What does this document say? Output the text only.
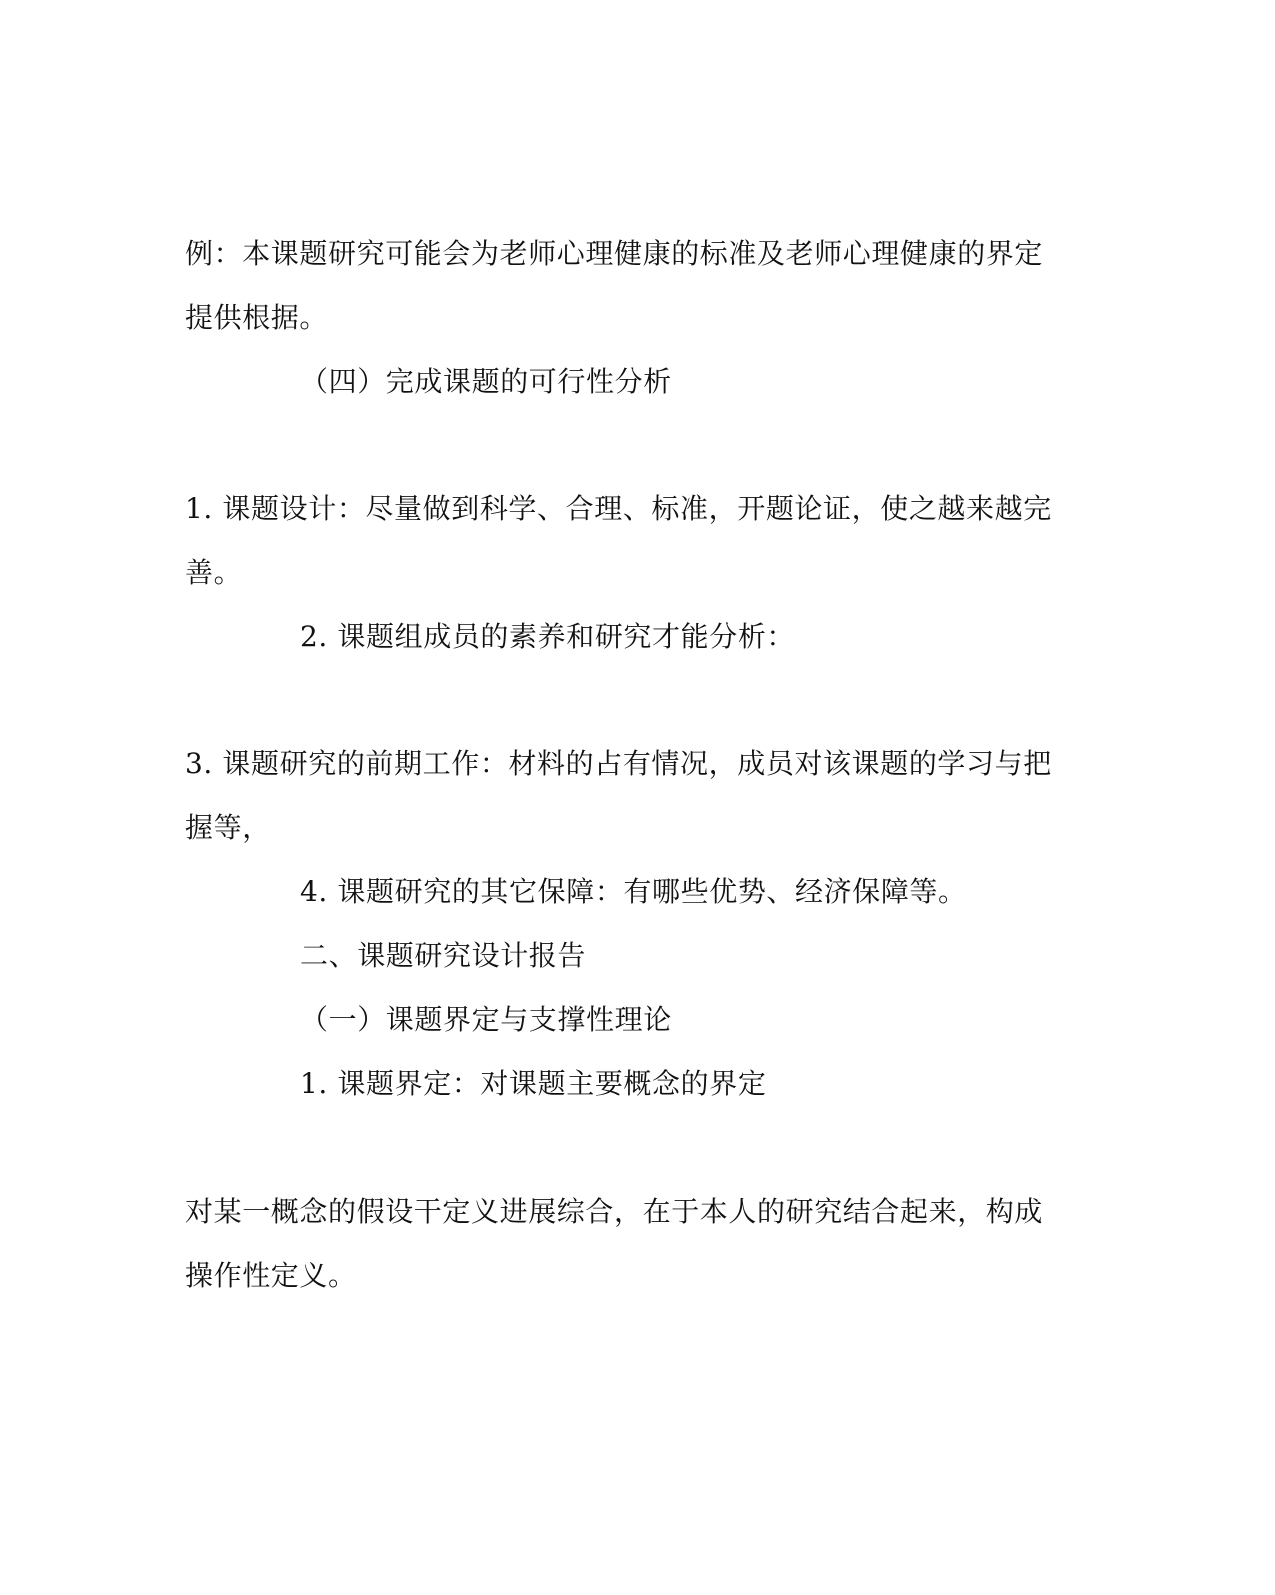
例：本课题研究可能会为老师心理健康的标准及老师心理健康的界定
提供根据。
（四）完成课题的可行性分析
1. 课题设计：尽量做到科学、合理、标准，开题论证，使之越来越完
善。
2. 课题组成员的素养和研究才能分析：
3. 课题研究的前期工作：材料的占有情况，成员对该课题的学习与把
握等，
4. 课题研究的其它保障：有哪些优势、经济保障等。
二、课题研究设计报告
（一）课题界定与支撑性理论
1. 课题界定：对课题主要概念的界定
对某一概念的假设干定义进展综合，在于本人的研究结合起来，构成
操作性定义。
